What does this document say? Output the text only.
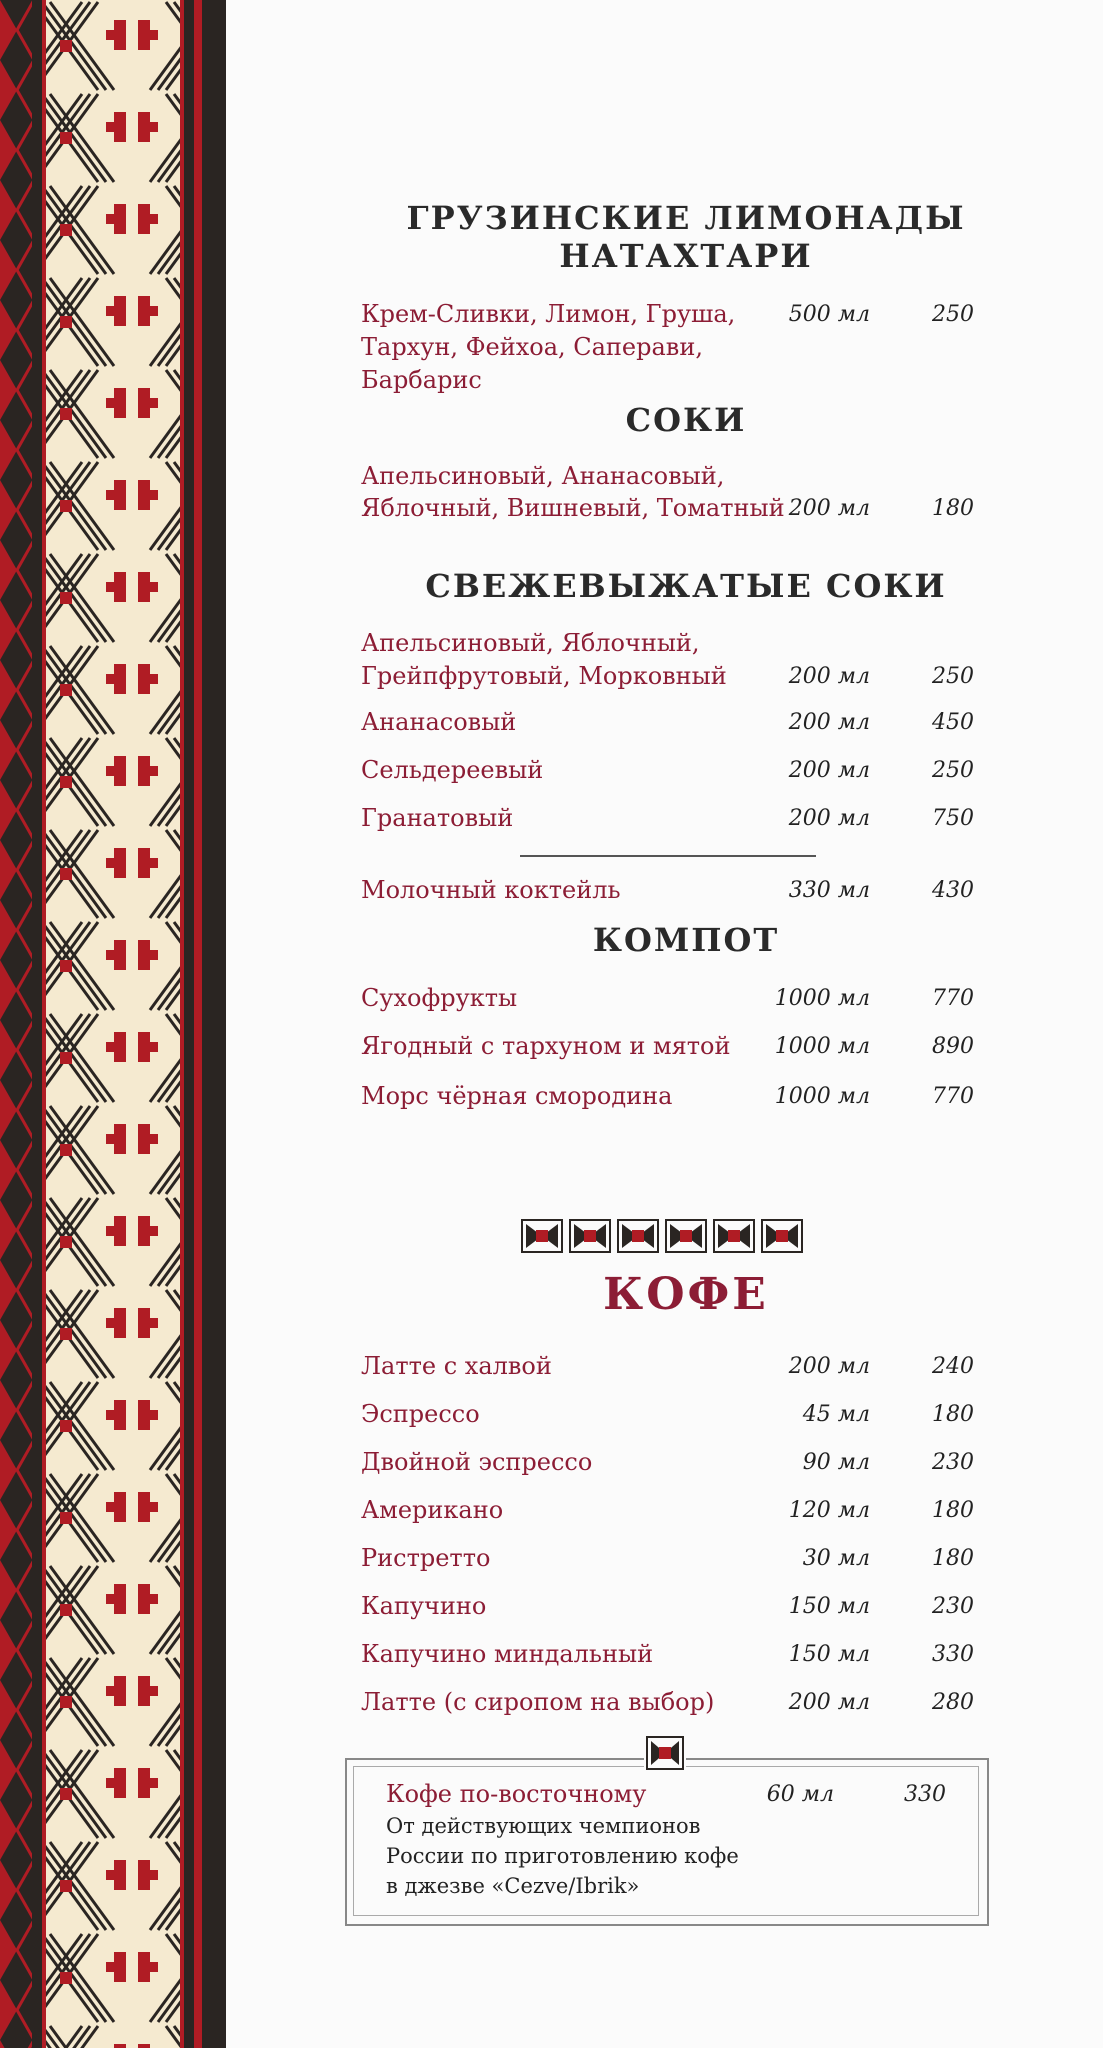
ГРУЗИНСКИЕ ЛИМОНАДЫ
НАТАХТАРИ
Крем-Сливки, Лимон, Груша,
Тархун, Фейхоа, Саперави,
Барбарис
500 мл	250
СОКИ
Апельсиновый, Ананасовый,
Яблочный, Вишневый, Томатный 200 мл	180
СВЕЖЕВЫЖАТЫЕ СОКИ
Апельсиновый, Яблочный,
Грейпфрутовый, Морковный	200 мл	250
Ананасовый	200 мл	450
Сельдереевый	200 мл	250
Гранатовый	200 мл	750
Молочный коктейль	330 мл	430
КОМПОТ
Сухофрукты	1000 мл	770
Ягодный с тархуном и мятой	1000 мл	890
Морс чёрная смородина	1000 мл	770
КОФЕ
Латте с халвой	200 мл	240
Эспрессо	45 мл	180
Двойной эспрессо	90 мл	230
Американо	120 мл	180
Ристретто	30 мл	180
Капучино	150 мл	230
Капучино миндальный	150 мл	330
Латте (с сиропом на выбор)	200 мл	280
Кофе по-восточному	60 мл	330
От действующих чемпионов
России по приготовлению кофе
в джезве «Cezve/Ibrik»
